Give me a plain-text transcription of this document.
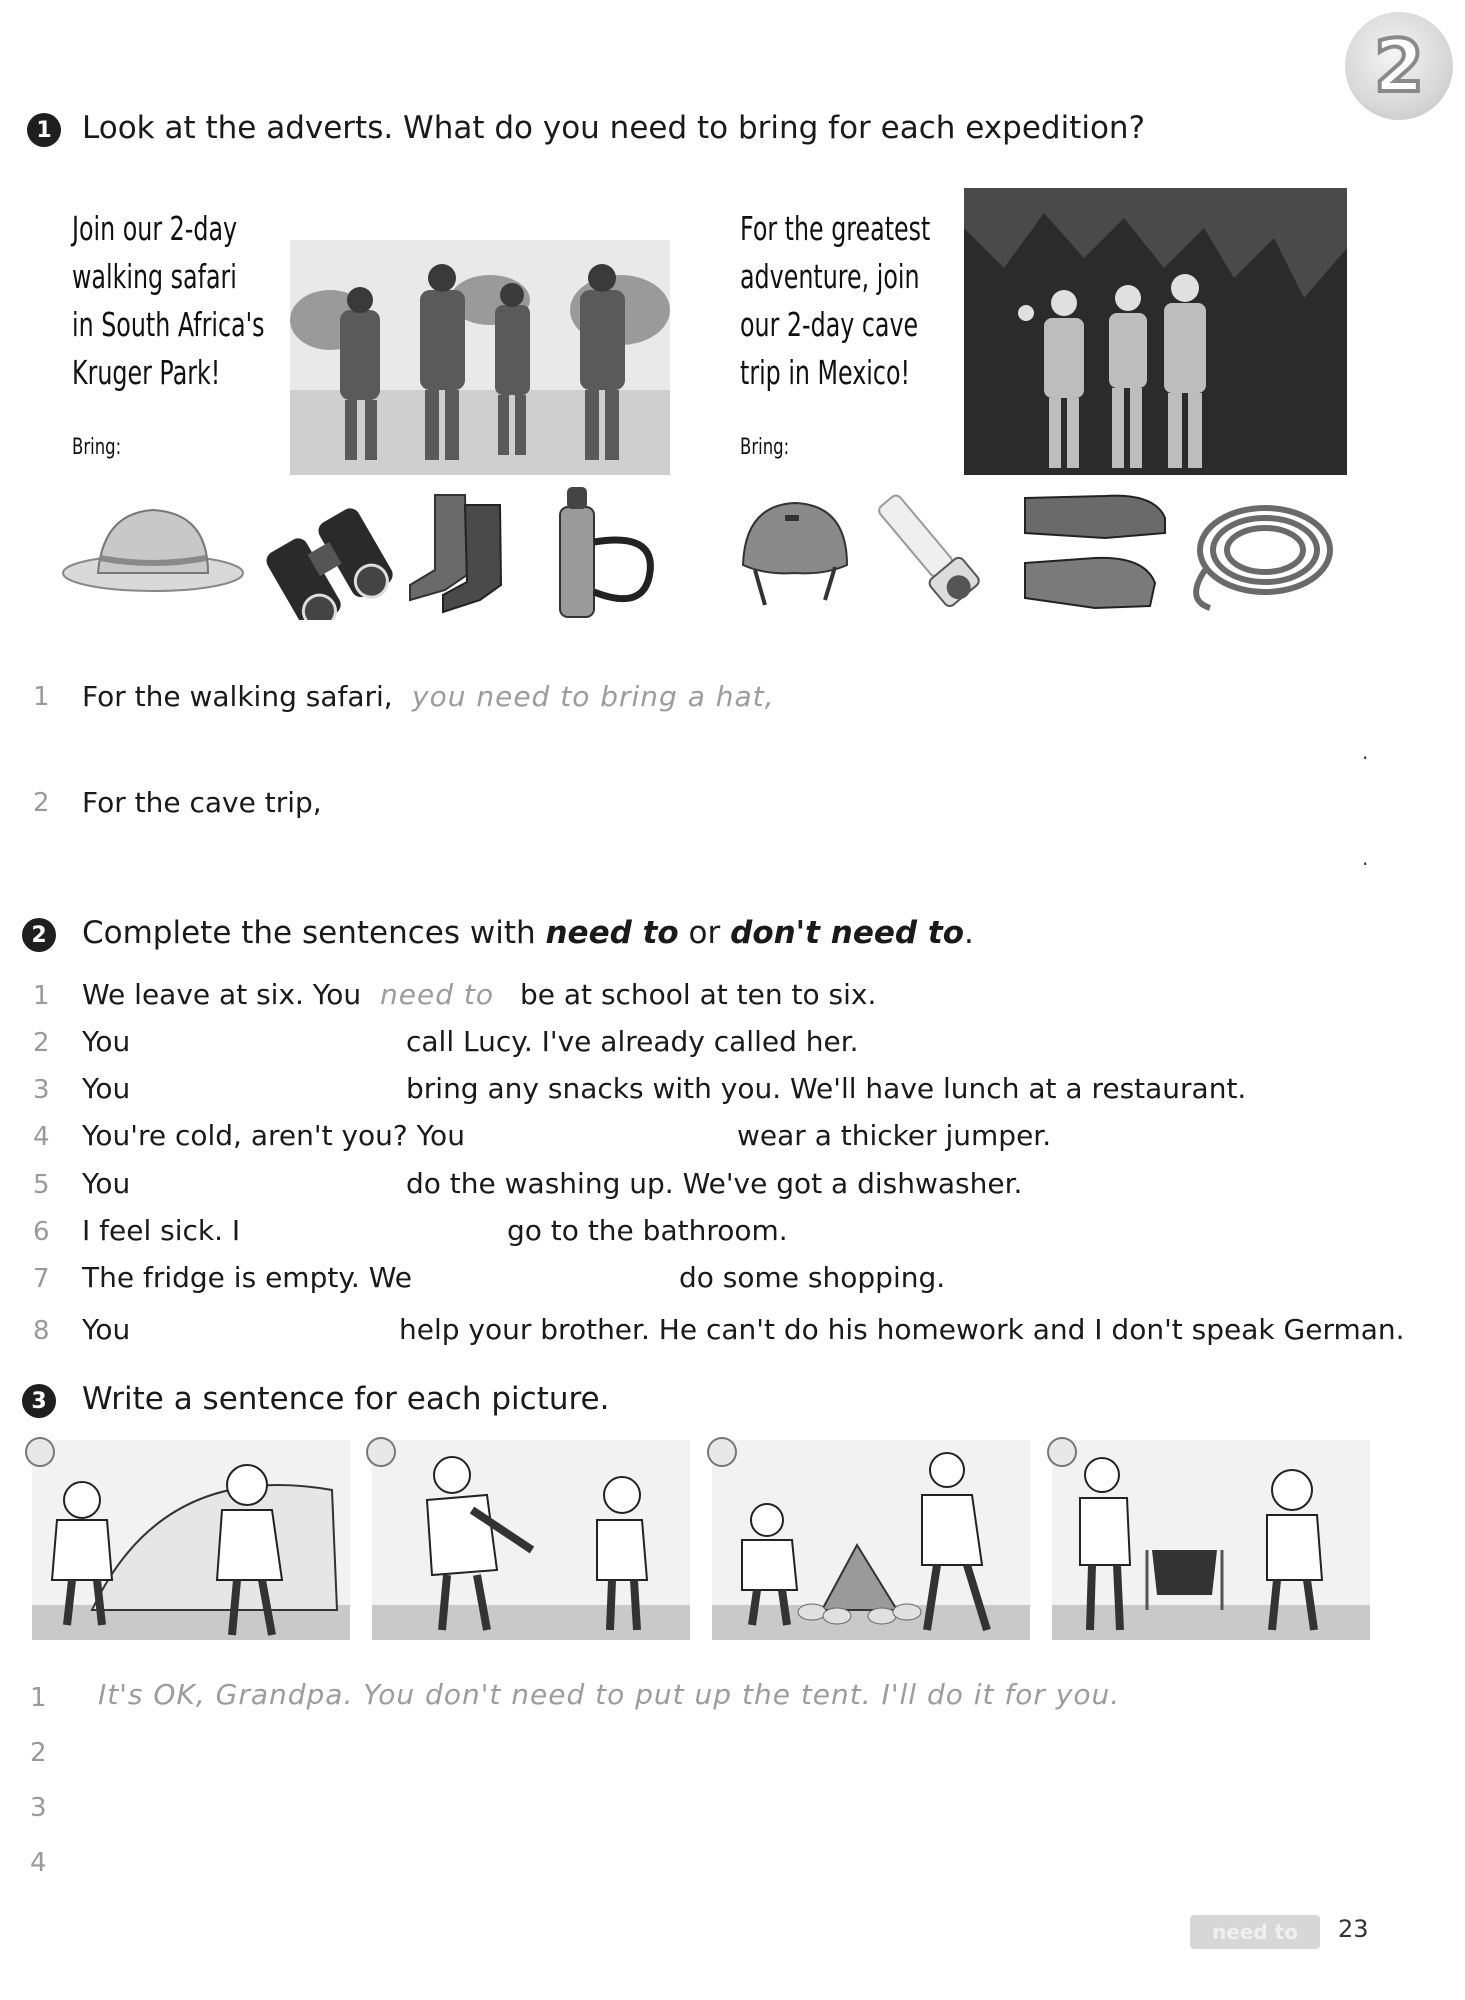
2
1 Look at the adverts. What do you need to bring for each expedition?
Join our 2-day
walking safari
in South Africa's
Kruger Park!
Bring:
For the greatest
adventure, join
our 2-day cave
trip in Mexico!
Bring:
1 For the walking safari, you need to bring a hat,
.
2 For the cave trip,
.
2	Complete the sentences with need to or don't need to.
1 We leave at six. You need to be at school at ten to six.
2 You	call Lucy. I've already called her.
3 You	bring any snacks with you. We'll have lunch at a restaurant.
4 You're cold, aren't you? You	wear a thicker jumper.
5 You	do the washing up. We've got a dishwasher.
6 I feel sick. I	go to the bathroom.
7 The fridge is empty. We	do some shopping.
8 You	help your brother. He can't do his homework and I don't speak German.
3	Write a sentence for each picture.
1 It's OK, Grandpa. You don't need to put up the tent. I'll do it for you.
2
3
4
need to	23
